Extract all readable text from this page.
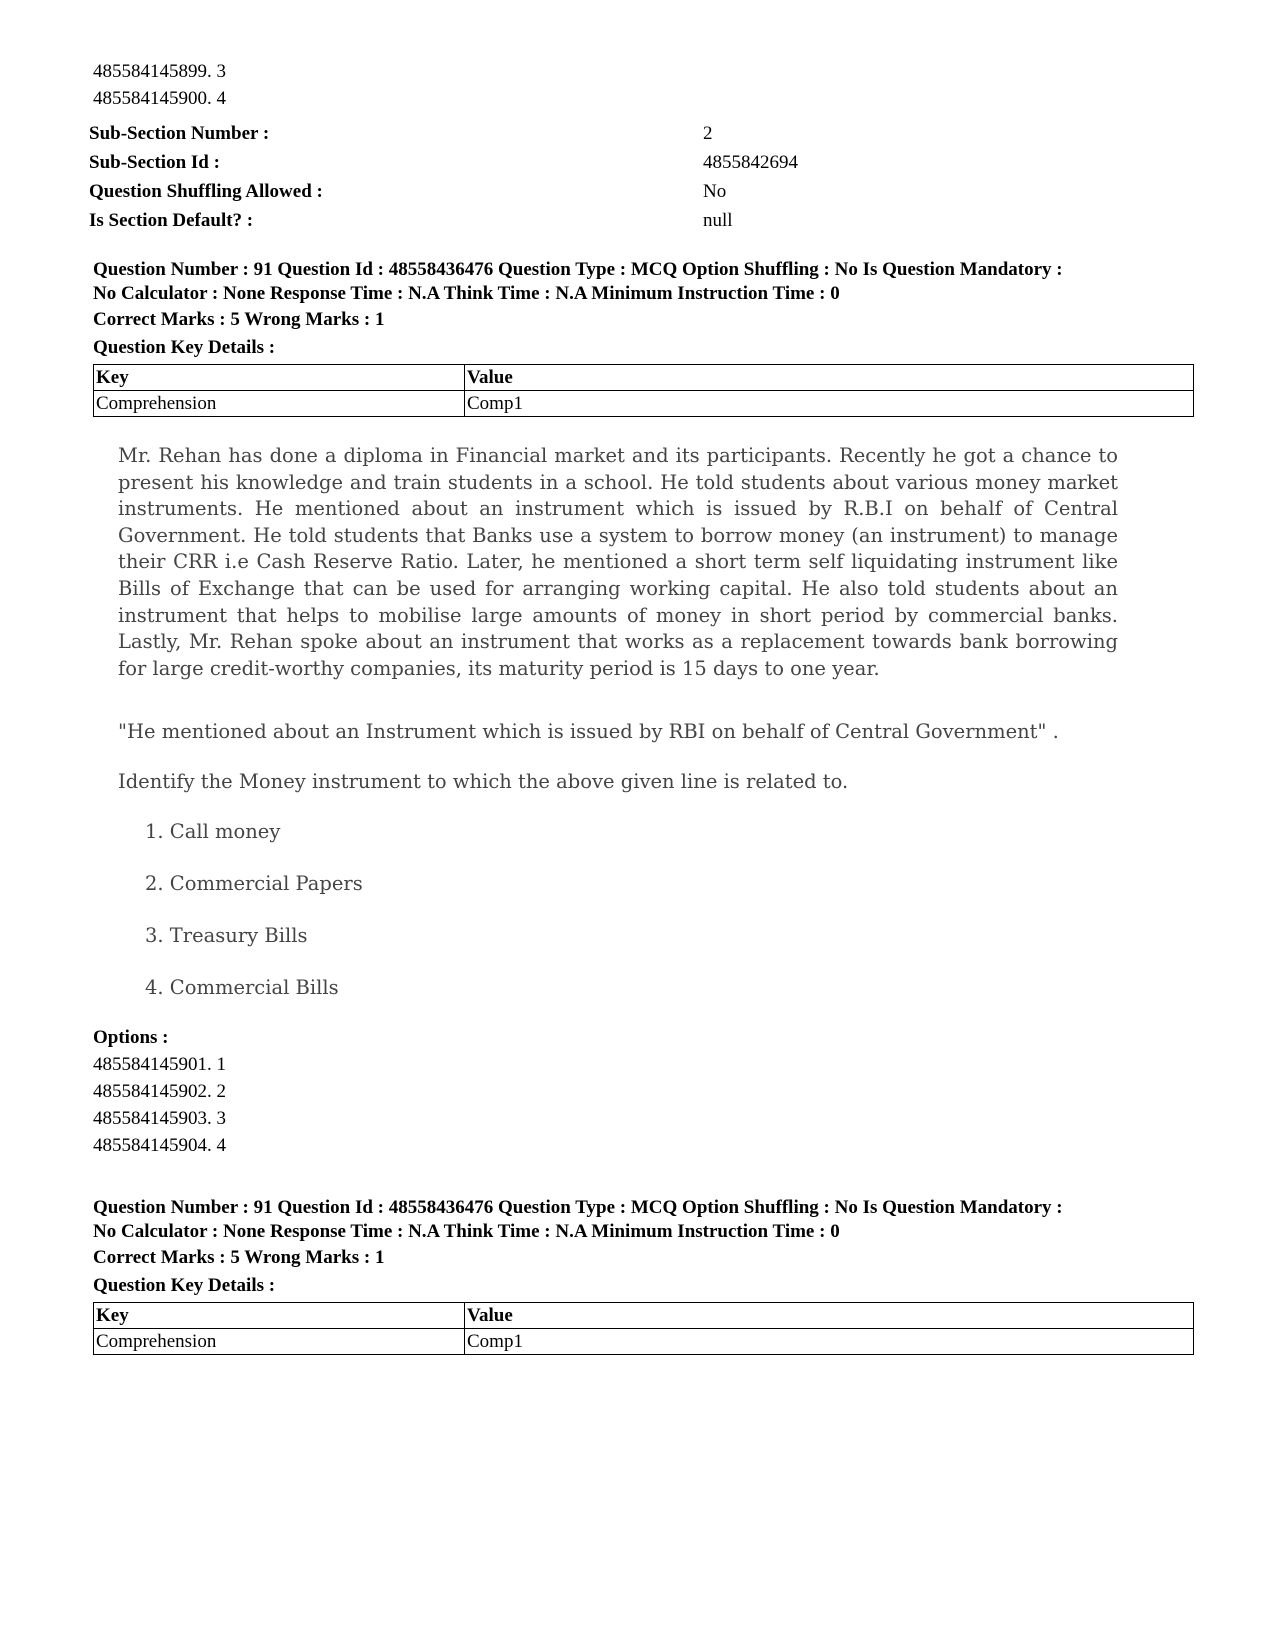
485584145899. 3
485584145900. 4
Sub-Section Number :	2
Sub-Section Id :	4855842694
Question Shuffling Allowed :	No
Is Section Default? :	null
Question Number : 91 Question Id : 48558436476 Question Type : MCQ Option Shuffling : No Is Question Mandatory :
No Calculator : None Response Time : N.A Think Time : N.A Minimum Instruction Time : 0
Correct Marks : 5 Wrong Marks : 1
Question Key Details :
Key	Value
Comprehension	Comp1
Mr. Rehan has done a diploma in Financial market and its participants. Recently he got a chance to present his knowledge and train students in a school. He told students about various money market instruments. He mentioned about an instrument which is issued by R.B.I on behalf of Central Government. He told students that Banks use a system to borrow money (an instrument) to manage their CRR i.e Cash Reserve Ratio. Later, he mentioned a short term self liquidating instrument like Bills of Exchange that can be used for arranging working capital. He also told students about an instrument that helps to mobilise large amounts of money in short period by commercial banks. Lastly, Mr. Rehan spoke about an instrument that works as a replacement towards bank borrowing for large credit-worthy companies, its maturity period is 15 days to one year.
"He mentioned about an Instrument which is issued by RBI on behalf of Central Government" .
Identify the Money instrument to which the above given line is related to.
1. Call money
2. Commercial Papers
3. Treasury Bills
4. Commercial Bills
Options :
485584145901. 1
485584145902. 2
485584145903. 3
485584145904. 4
Question Number : 91 Question Id : 48558436476 Question Type : MCQ Option Shuffling : No Is Question Mandatory :
No Calculator : None Response Time : N.A Think Time : N.A Minimum Instruction Time : 0
Correct Marks : 5 Wrong Marks : 1
Question Key Details :
Key	Value
Comprehension	Comp1
